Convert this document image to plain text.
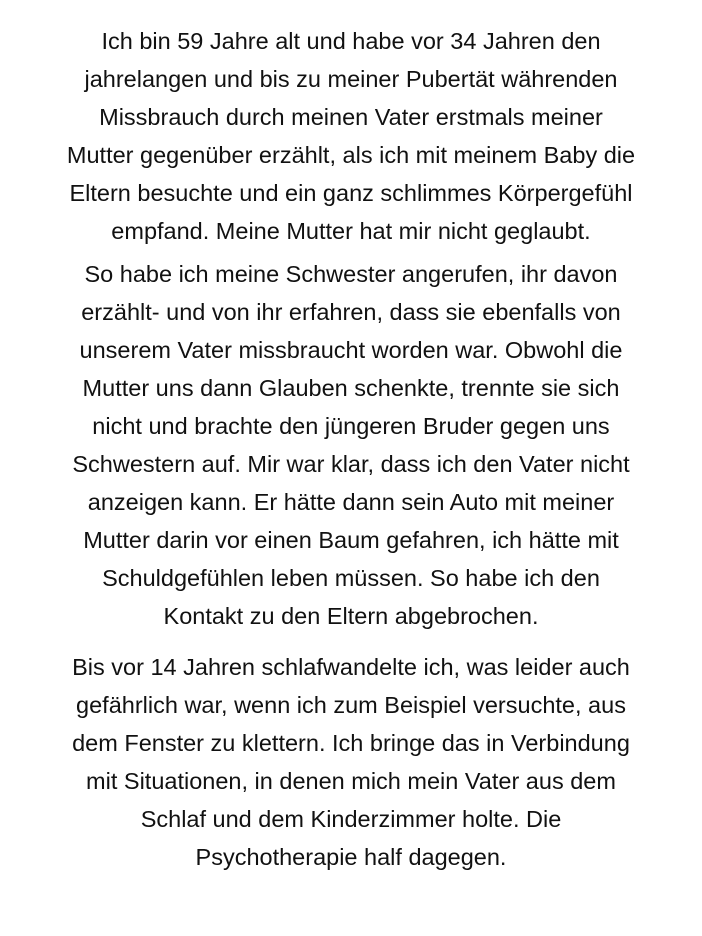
Ich bin 59 Jahre alt und habe vor 34 Jahren den
jahrelangen und bis zu meiner Pubertät währenden
Missbrauch durch meinen Vater erstmals meiner
Mutter gegenüber erzählt, als ich mit meinem Baby die
Eltern besuchte und ein ganz schlimmes Körpergefühl
empfand. Meine Mutter hat mir nicht geglaubt.
So habe ich meine Schwester angerufen, ihr davon
erzählt- und von ihr erfahren, dass sie ebenfalls von
unserem Vater missbraucht worden war. Obwohl die
Mutter uns dann Glauben schenkte, trennte sie sich
nicht und brachte den jüngeren Bruder gegen uns
Schwestern auf. Mir war klar, dass ich den Vater nicht
anzeigen kann. Er hätte dann sein Auto mit meiner
Mutter darin vor einen Baum gefahren, ich hätte mit
Schuldgefühlen leben müssen. So habe ich den
Kontakt zu den Eltern abgebrochen.
Bis vor 14 Jahren schlafwandelte ich, was leider auch
gefährlich war, wenn ich zum Beispiel versuchte, aus
dem Fenster zu klettern. Ich bringe das in Verbindung
mit Situationen, in denen mich mein Vater aus dem
Schlaf und dem Kinderzimmer holte. Die
Psychotherapie half dagegen.
